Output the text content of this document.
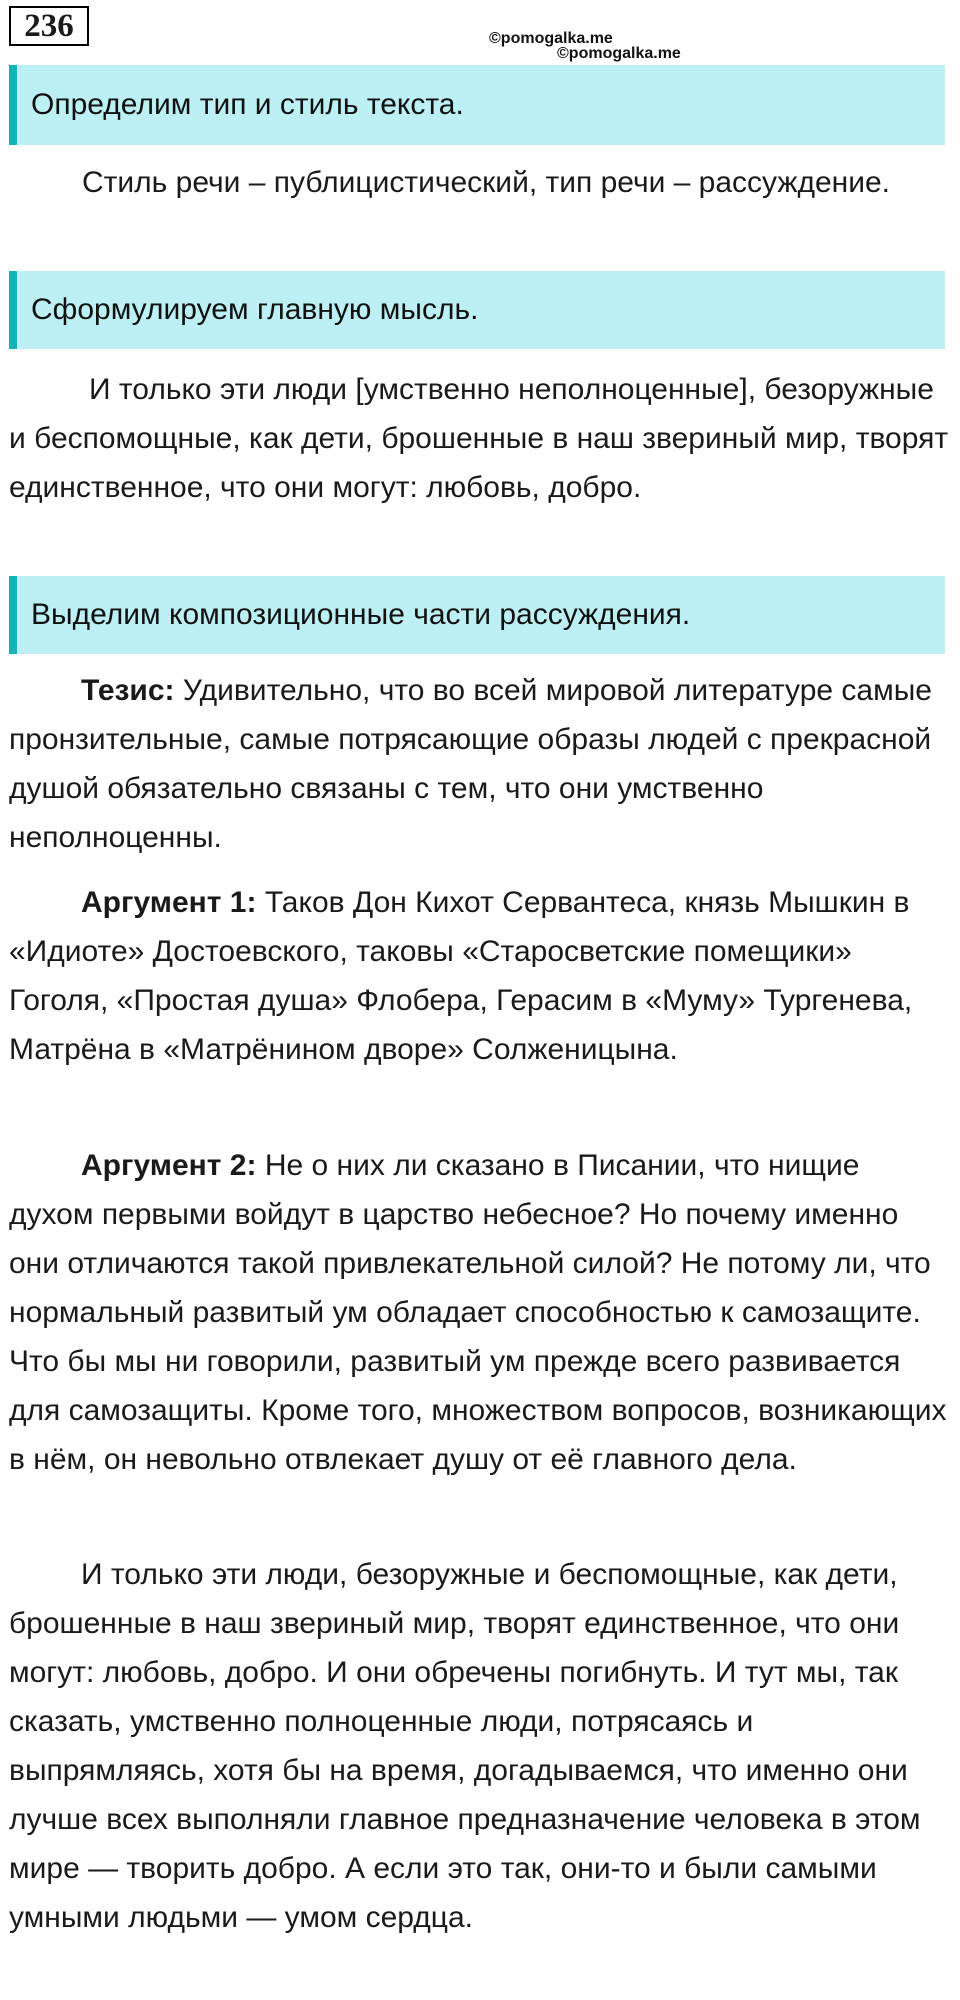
236	©pomogalka.me
©pomogalka.me
Определим тип и стиль текста.

Стиль речи – публицистический, тип речи – рассуждение.

Сформулируем главную мысль.

И только эти люди [умственно неполноценные], безоружные и беспомощные, как дети, брошенные в наш звериный мир, творят единственное, что они могут: любовь, добро.

Выделим композиционные части рассуждения.

Тезис: Удивительно, что во всей мировой литературе самые пронзительные, самые потрясающие образы людей с прекрасной душой обязательно связаны с тем, что они умственно неполноценны.

Аргумент 1: Таков Дон Кихот Сервантеса, князь Мышкин в «Идиоте» Достоевского, таковы «Старосветские помещики» Гоголя, «Простая душа» Флобера, Герасим в «Муму» Тургенева, Матрёна в «Матрёнином дворе» Солженицына.

Аргумент 2: Не о них ли сказано в Писании, что нищие духом первыми войдут в царство небесное? Но почему именно они отличаются такой привлекательной силой? Не потому ли, что нормальный развитый ум обладает способностью к самозащите. Что бы мы ни говорили, развитый ум прежде всего развивается для самозащиты. Кроме того, множеством вопросов, возникающих в нём, он невольно отвлекает душу от её главного дела.

И только эти люди, безоружные и беспомощные, как дети, брошенные в наш звериный мир, творят единственное, что они могут: любовь, добро. И они обречены погибнуть. И тут мы, так сказать, умственно полноценные люди, потрясаясь и выпрямляясь, хотя бы на время, догадываемся, что именно они лучше всех выполняли главное предназначение человека в этом мире — творить добро. А если это так, они-то и были самыми умными людьми — умом сердца.
